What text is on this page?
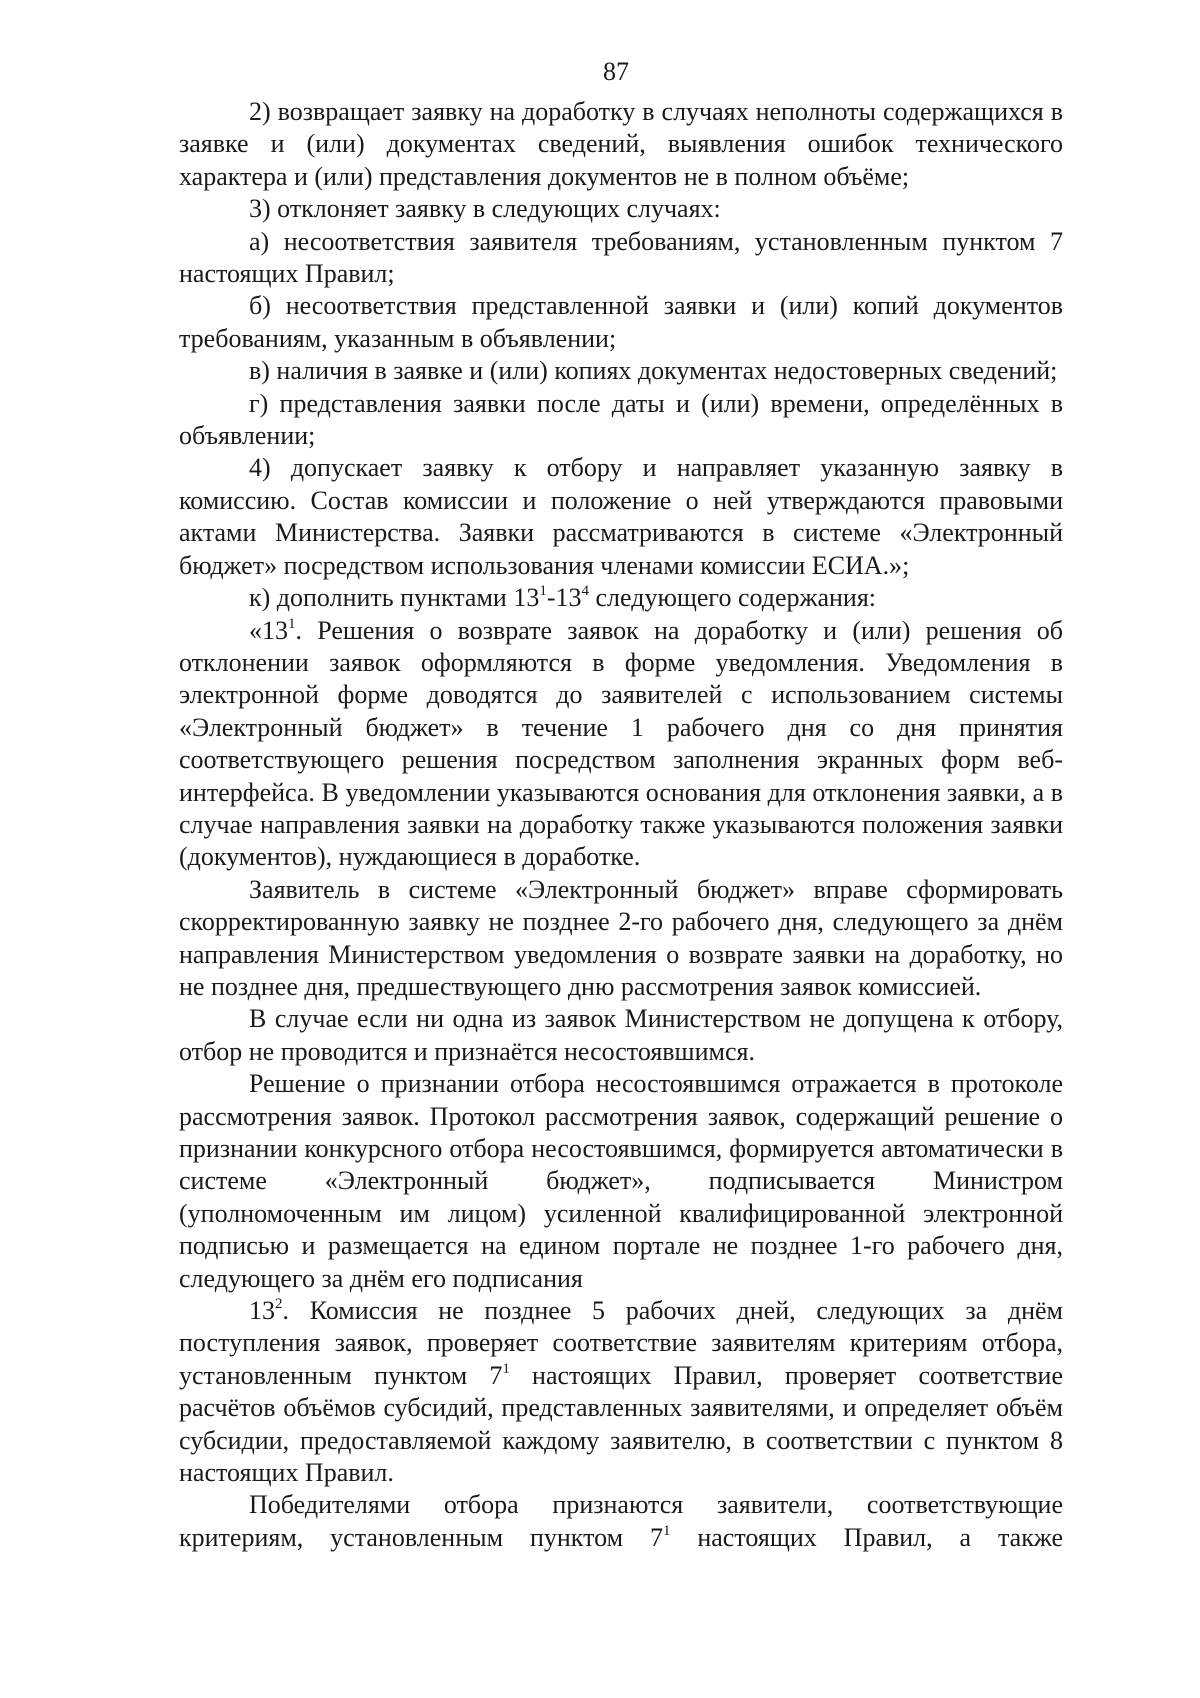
87

2) возвращает заявку на доработку в случаях неполноты содержащихся в заявке и (или) документах сведений, выявления ошибок технического характера и (или) представления документов не в полном объёме;

3) отклоняет заявку в следующих случаях:

а) несоответствия заявителя требованиям, установленным пунктом 7 настоящих Правил;

б) несоответствия представленной заявки и (или) копий документов требованиям, указанным в объявлении;

в) наличия в заявке и (или) копиях документах недостоверных сведений;

г) представления заявки после даты и (или) времени, определённых в объявлении;

4) допускает заявку к отбору и направляет указанную заявку в комиссию. Состав комиссии и положение о ней утверждаются правовыми актами Министерства. Заявки рассматриваются в системе «Электронный бюджет» посредством использования членами комиссии ЕСИА.»;

к) дополнить пунктами $13^1-13^4$ следующего содержания:

«$13^1$. Решения о возврате заявок на доработку и (или) решения об отклонении заявок оформляются в форме уведомления. Уведомления в электронной форме доводятся до заявителей с использованием системы «Электронный бюджет» в течение 1 рабочего дня со дня принятия соответствующего решения посредством заполнения экранных форм веб-интерфейса. В уведомлении указываются основания для отклонения заявки, а в случае направления заявки на доработку также указываются положения заявки (документов), нуждающиеся в доработке.

Заявитель в системе «Электронный бюджет» вправе сформировать скорректированную заявку не позднее 2-го рабочего дня, следующего за днём направления Министерством уведомления о возврате заявки на доработку, но не позднее дня, предшествующего дню рассмотрения заявок комиссией.

В случае если ни одна из заявок Министерством не допущена к отбору, отбор не проводится и признаётся несостоявшимся.

Решение о признании отбора несостоявшимся отражается в протоколе рассмотрения заявок. Протокол рассмотрения заявок, содержащий решение о признании конкурсного отбора несостоявшимся, формируется автоматически в системе «Электронный бюджет», подписывается Министром (уполномоченным им лицом) усиленной квалифицированной электронной подписью и размещается на едином портале не позднее 1-го рабочего дня, следующего за днём его подписания

$13^2$. Комиссия не позднее 5 рабочих дней, следующих за днём поступления заявок, проверяет соответствие заявителям критериям отбора, установленным пунктом $7^1$ настоящих Правил, проверяет соответствие расчётов объёмов субсидий, представленных заявителями, и определяет объём субсидии, предоставляемой каждому заявителю, в соответствии с пунктом 8 настоящих Правил.

Победителями отбора признаются заявители, соответствующие критериям, установленным пунктом $7^1$ настоящих Правил, а также
